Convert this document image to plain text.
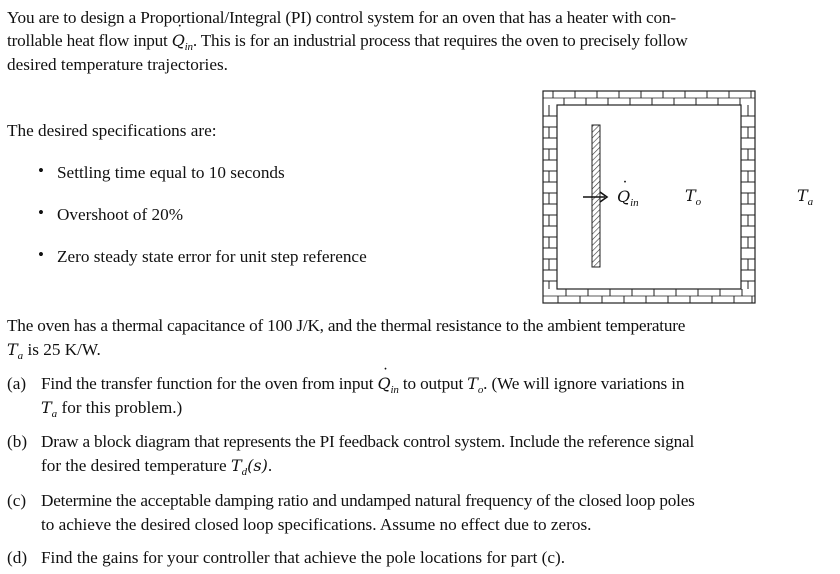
You are to design a Proportional/Integral (PI) control system for an oven that has a heater with con-
trollable heat flow input ˙ $Q_{in}$. This is for an industrial process that requires the oven to precisely follow
desired temperature trajectories.
The desired specifications are:
• Settling time equal to 10 seconds
• Overshoot of 20%
• Zero steady state error for unit step reference
˙ $Q_{in}$	$T_o$	$T_a$
The oven has a thermal capacitance of 100 J/K, and the thermal resistance to the ambient temperature
$T_a$ is 25 K/W.
(a) Find the transfer function for the oven from input ˙ $Q_{in}$ to output $T_o$. (We will ignore variations in
$T_a$ for this problem.)
(b) Draw a block diagram that represents the PI feedback control system. Include the reference signal
for the desired temperature $T_d(s)$.
(c) Determine the acceptable damping ratio and undamped natural frequency of the closed loop poles
to achieve the desired closed loop specifications. Assume no effect due to zeros.
(d) Find the gains for your controller that achieve the pole locations for part (c).
